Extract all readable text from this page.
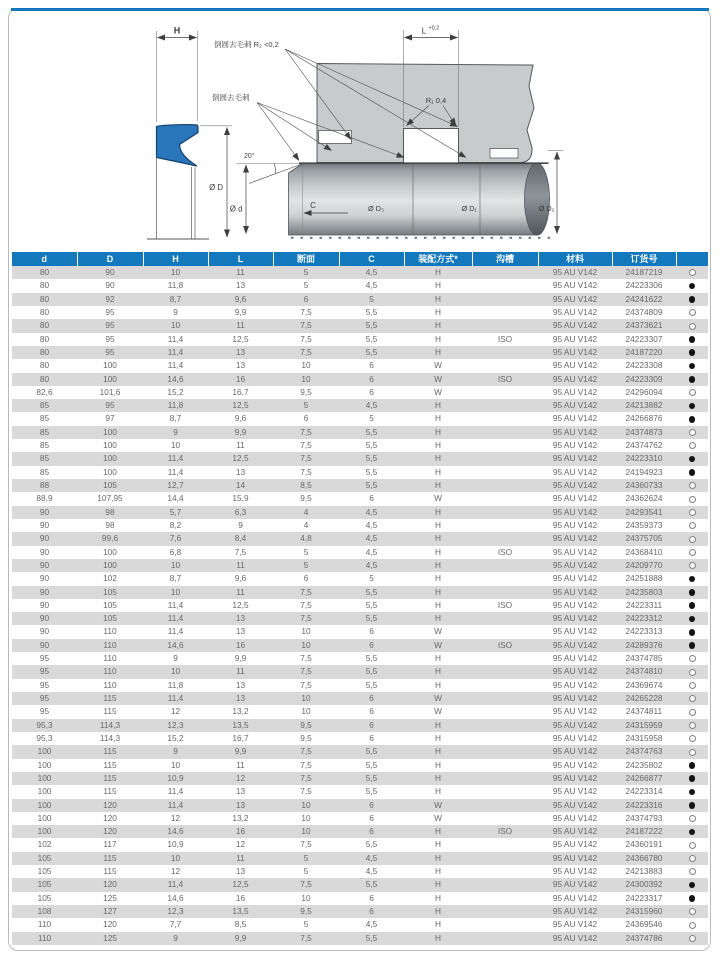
H
Ø D
Ø d
L +0,2
R₁ 0,4
倒圆去毛刺 R₂ <0,2
倒圆去毛刺
20°
C	Ø D₃	Ø D₁	Ø D₂
d	D	H	L	断面	C	装配方式*	沟槽	材料	订货号	
80	90	10	11	5	4,5	H		95 AU V142	24187219	
80	90	11,8	13	5	4,5	H		95 AU V142	24223306	
80	92	8,7	9,6	6	5	H		95 AU V142	24241622	
80	95	9	9,9	7,5	5,5	H		95 AU V142	24374809	
80	95	10	11	7,5	5,5	H		95 AU V142	24373621	
80	95	11,4	12,5	7,5	5,5	H	ISO	95 AU V142	24223307	
80	95	11,4	13	7,5	5,5	H		95 AU V142	24187220	
80	100	11,4	13	10	6	W		95 AU V142	24223308	
80	100	14,6	16	10	6	W	ISO	95 AU V142	24223309	
82,6	101,6	15,2	16,7	9,5	6	W		95 AU V142	24296094	
85	95	11,8	12,5	5	4,5	H		95 AU V142	24213882	
85	97	8,7	9,6	6	5	H		95 AU V142	24266876	
85	100	9	9,9	7,5	5,5	H		95 AU V142	24374873	
85	100	10	11	7,5	5,5	H		95 AU V142	24374762	
85	100	11,4	12,5	7,5	5,5	H		95 AU V142	24223310	
85	100	11,4	13	7,5	5,5	H		95 AU V142	24194923	
88	105	12,7	14	8,5	5,5	H		95 AU V142	24360733	
88,9	107,95	14,4	15,9	9,5	6	W		95 AU V142	24362624	
90	98	5,7	6,3	4	4,5	H		95 AU V142	24293541	
90	98	8,2	9	4	4,5	H		95 AU V142	24359373	
90	99,6	7,6	8,4	4,8	4,5	H		95 AU V142	24375705	
90	100	6,8	7,5	5	4,5	H	ISO	95 AU V142	24368410	
90	100	10	11	5	4,5	H		95 AU V142	24209770	
90	102	8,7	9,6	6	5	H		95 AU V142	24251888	
90	105	10	11	7,5	5,5	H		95 AU V142	24235803	
90	105	11,4	12,5	7,5	5,5	H	ISO	95 AU V142	24223311	
90	105	11,4	13	7,5	5,5	H		95 AU V142	24223312	
90	110	11,4	13	10	6	W		95 AU V142	24223313	
90	110	14,6	16	10	6	W	ISO	95 AU V142	24289376	
95	110	9	9,9	7,5	5,5	H		95 AU V142	24374785	
95	110	10	11	7,5	5,5	H		95 AU V142	24374810	
95	110	11,8	13	7,5	5,5	H		95 AU V142	24369674	
95	115	11,4	13	10	6	W		95 AU V142	24265228	
95	115	12	13,2	10	6	W		95 AU V142	24374811	
95,3	114,3	12,3	13,5	9,5	6	H		95 AU V142	24315959	
95,3	114,3	15,2	16,7	9,5	6	H		95 AU V142	24315958	
100	115	9	9,9	7,5	5,5	H		95 AU V142	24374763	
100	115	10	11	7,5	5,5	H		95 AU V142	24235802	
100	115	10,9	12	7,5	5,5	H		95 AU V142	24266877	
100	115	11,4	13	7,5	5,5	H		95 AU V142	24223314	
100	120	11,4	13	10	6	W		95 AU V142	24223316	
100	120	12	13,2	10	6	W		95 AU V142	24374793	
100	120	14,6	16	10	6	H	ISO	95 AU V142	24187222	
102	117	10,9	12	7,5	5,5	H		95 AU V142	24360191	
105	115	10	11	5	4,5	H		95 AU V142	24366780	
105	115	12	13	5	4,5	H		95 AU V142	24213883	
105	120	11,4	12,5	7,5	5,5	H		95 AU V142	24300392	
105	125	14,6	16	10	6	H		95 AU V142	24223317	
108	127	12,3	13,5	9,5	6	H		95 AU V142	24315960	
110	120	7,7	8,5	5	4,5	H		95 AU V142	24369546	
110	125	9	9,9	7,5	5,5	H		95 AU V142	24374786	
